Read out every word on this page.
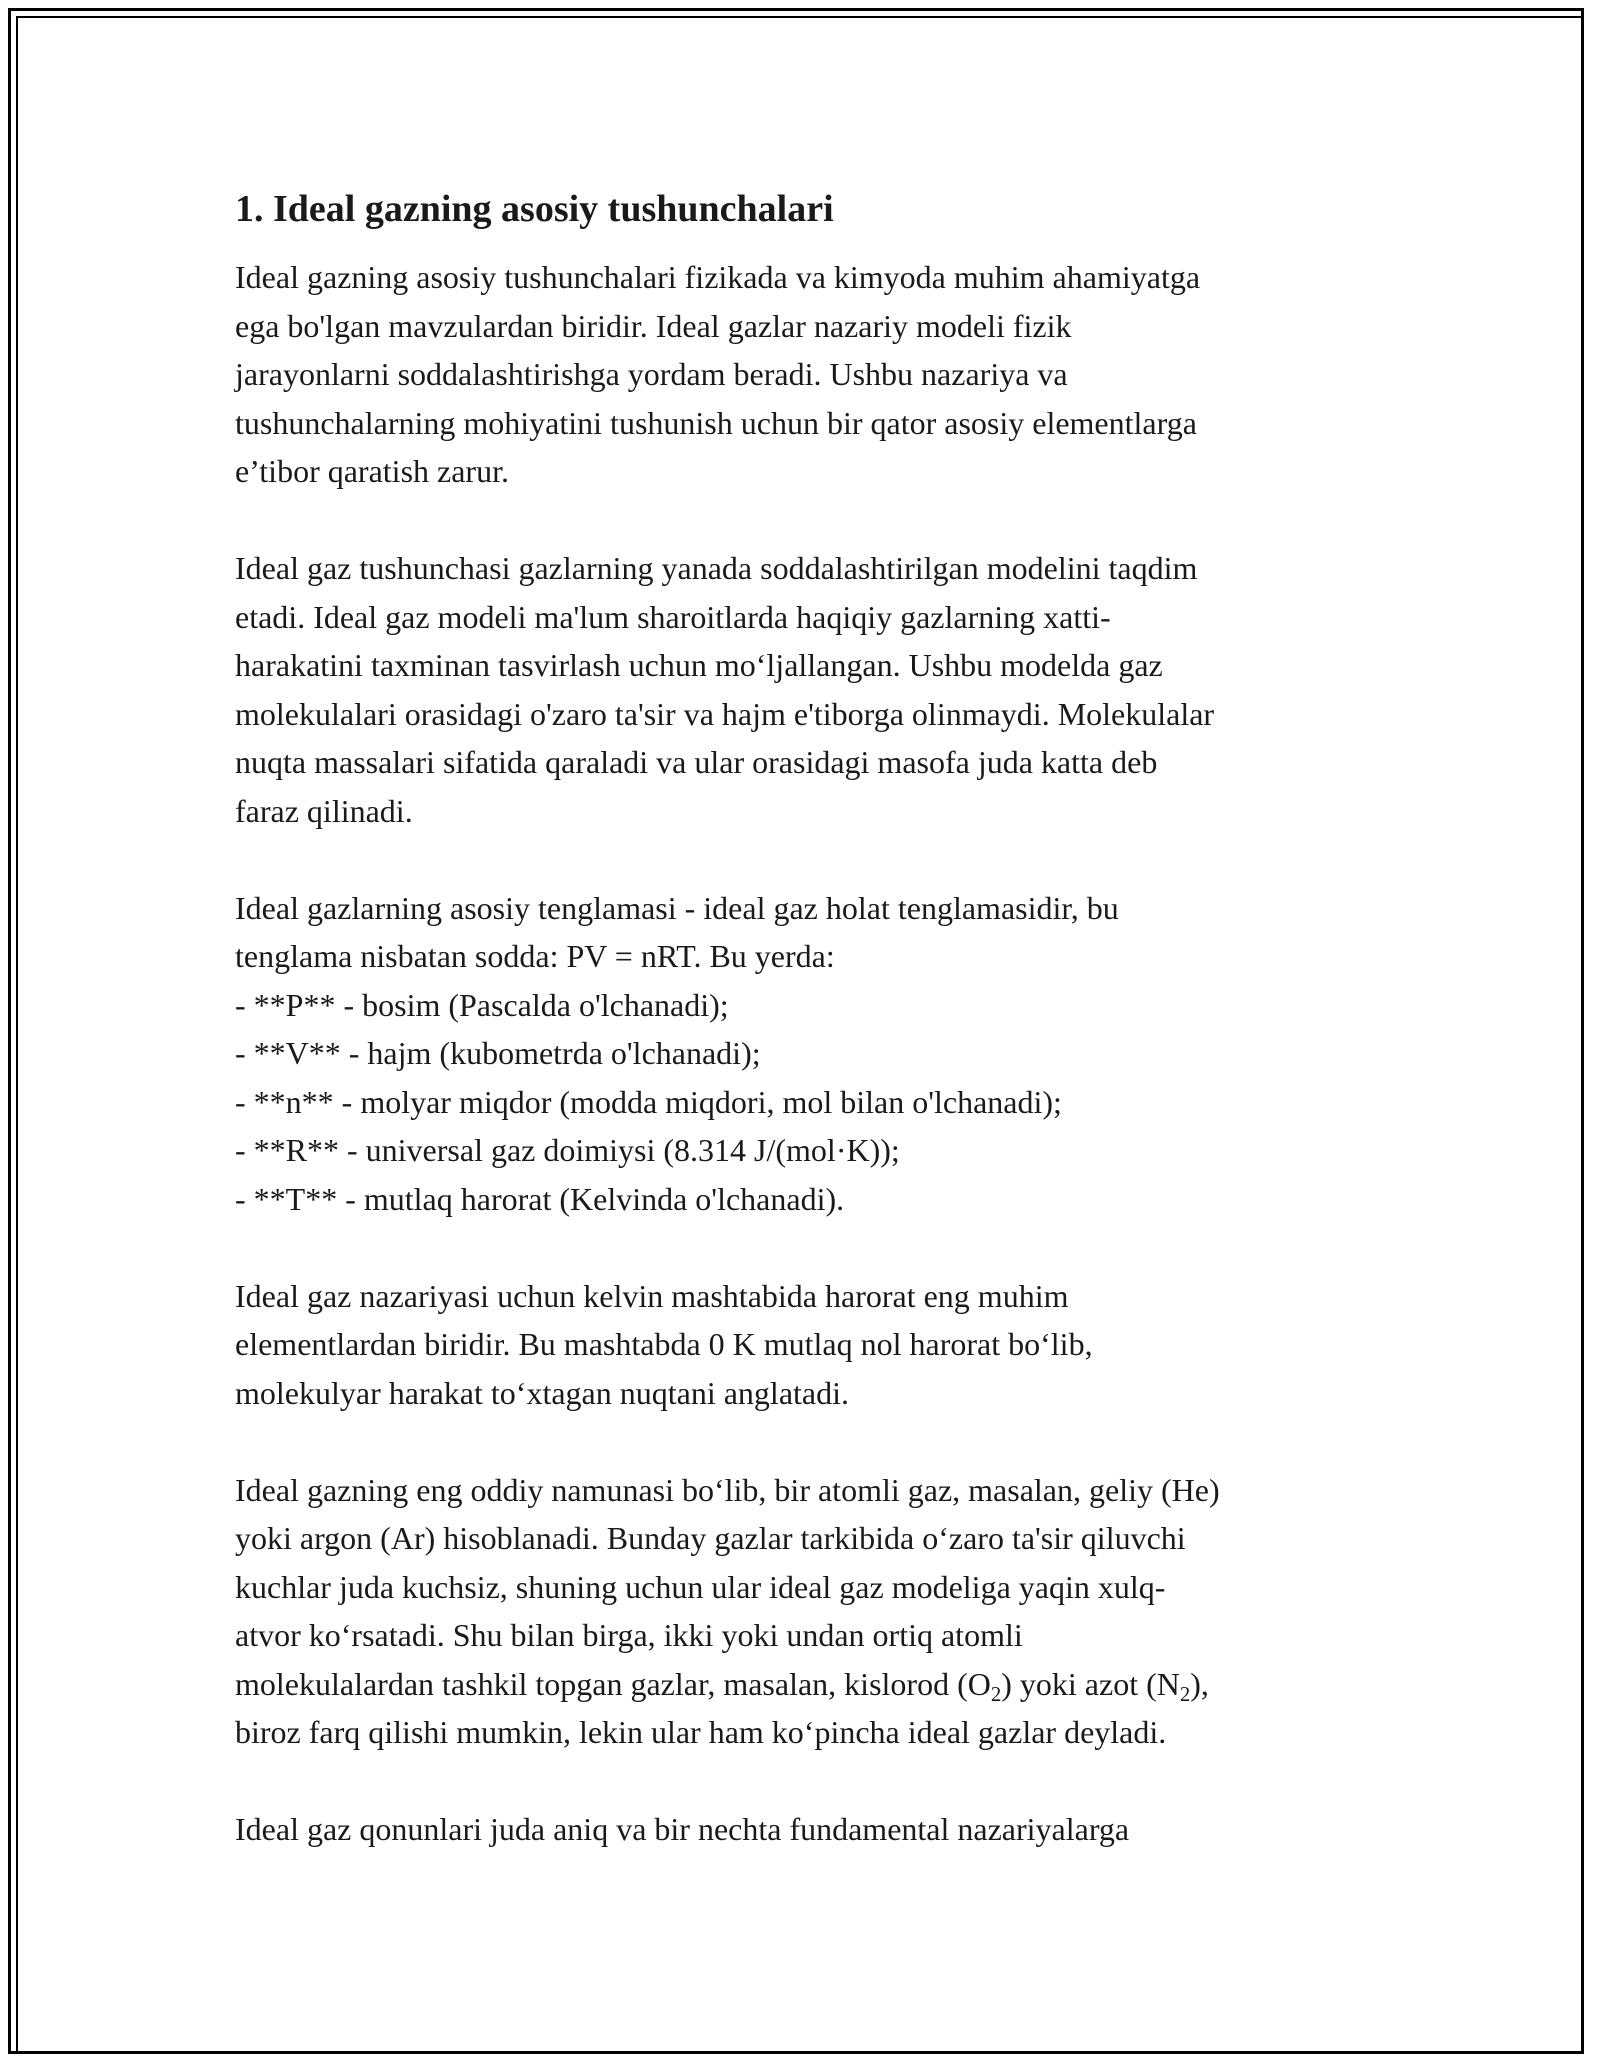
1. Ideal gazning asosiy tushunchalari

Ideal gazning asosiy tushunchalari fizikada va kimyoda muhim ahamiyatga
ega bo'lgan mavzulardan biridir. Ideal gazlar nazariy modeli fizik
jarayonlarni soddalashtirishga yordam beradi. Ushbu nazariya va
tushunchalarning mohiyatini tushunish uchun bir qator asosiy elementlarga
e’tibor qaratish zarur.

Ideal gaz tushunchasi gazlarning yanada soddalashtirilgan modelini taqdim
etadi. Ideal gaz modeli ma'lum sharoitlarda haqiqiy gazlarning xatti-
harakatini taxminan tasvirlash uchun mo‘ljallangan. Ushbu modelda gaz
molekulalari orasidagi o'zaro ta'sir va hajm e'tiborga olinmaydi. Molekulalar
nuqta massalari sifatida qaraladi va ular orasidagi masofa juda katta deb
faraz qilinadi.

Ideal gazlarning asosiy tenglamasi - ideal gaz holat tenglamasidir, bu
tenglama nisbatan sodda: PV = nRT. Bu yerda:
- **P** - bosim (Pascalda o'lchanadi);
- **V** - hajm (kubometrda o'lchanadi);
- **n** - molyar miqdor (modda miqdori, mol bilan o'lchanadi);
- **R** - universal gaz doimiysi (8.314 J/(mol·K));
- **T** - mutlaq harorat (Kelvinda o'lchanadi).

Ideal gaz nazariyasi uchun kelvin mashtabida harorat eng muhim
elementlardan biridir. Bu mashtabda 0 K mutlaq nol harorat bo‘lib,
molekulyar harakat to‘xtagan nuqtani anglatadi.

Ideal gazning eng oddiy namunasi bo‘lib, bir atomli gaz, masalan, geliy (He)
yoki argon (Ar) hisoblanadi. Bunday gazlar tarkibida o‘zaro ta'sir qiluvchi
kuchlar juda kuchsiz, shuning uchun ular ideal gaz modeliga yaqin xulq-
atvor ko‘rsatadi. Shu bilan birga, ikki yoki undan ortiq atomli
molekulalardan tashkil topgan gazlar, masalan, kislorod $(O_2)$ yoki azot $(N_2)$,
biroz farq qilishi mumkin, lekin ular ham ko‘pincha ideal gazlar deyladi.

Ideal gaz qonunlari juda aniq va bir nechta fundamental nazariyalarga
